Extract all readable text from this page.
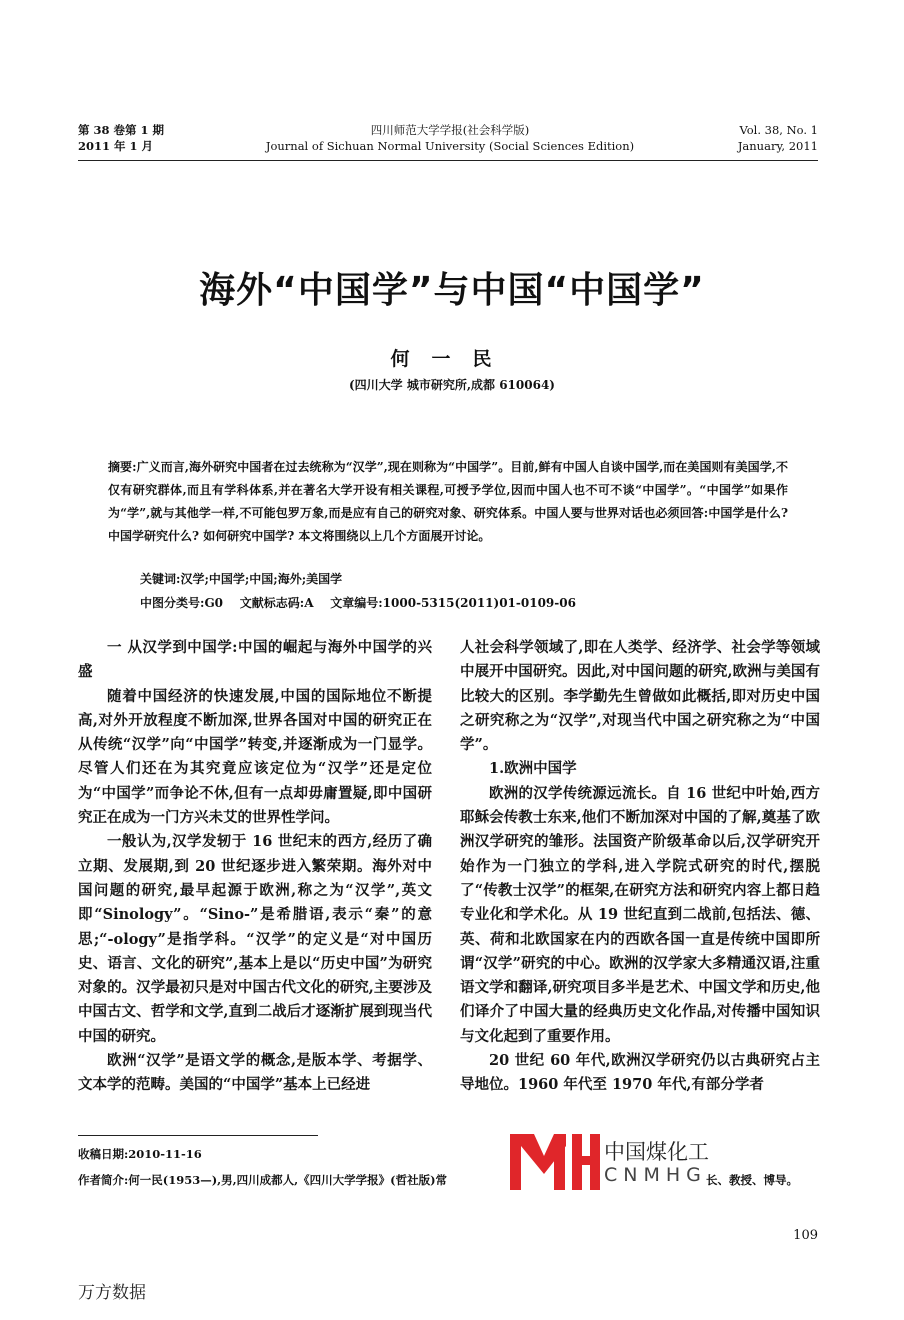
第 38 卷第 1 期
2011 年 1 月
四川师范大学学报(社会科学版)
Journal of Sichuan Normal University (Social Sciences Edition)
Vol. 38, No. 1
January, 2011
海外“中国学”与中国“中国学”
何一民
(四川大学 城市研究所,成都 610064)
摘要:广义而言,海外研究中国者在过去统称为“汉学”,现在则称为“中国学”。目前,鲜有中国人自谈中国学,而在美国则有美国学,不仅有研究群体,而且有学科体系,并在著名大学开设有相关课程,可授予学位,因而中国人也不可不谈“中国学”。“中国学”如果作为“学”,就与其他学一样,不可能包罗万象,而是应有自己的研究对象、研究体系。中国人要与世界对话也必须回答:中国学是什么? 中国学研究什么? 如何研究中国学? 本文将围绕以上几个方面展开讨论。
关键词:汉学;中国学;中国;海外;美国学
中图分类号:G0 文献标志码:A 文章编号:1000-5315(2011)01-0109-06

一 从汉学到中国学:中国的崛起与海外中国学的兴盛

随着中国经济的快速发展,中国的国际地位不断提高,对外开放程度不断加深,世界各国对中国的研究正在从传统“汉学”向“中国学”转变,并逐渐成为一门显学。尽管人们还在为其究竟应该定位为“汉学”还是定位为“中国学”而争论不休,但有一点却毋庸置疑,即中国研究正在成为一门方兴未艾的世界性学问。

一般认为,汉学发轫于 16 世纪末的西方,经历了确立期、发展期,到 20 世纪逐步进入繁荣期。海外对中国问题的研究,最早起源于欧洲,称之为“汉学”,英文即“Sinology”。“Sino-”是希腊语,表示“秦”的意思;“-ology”是指学科。“汉学”的定义是“对中国历史、语言、文化的研究”,基本上是以“历史中国”为研究对象的。汉学最初只是对中国古代文化的研究,主要涉及中国古文、哲学和文学,直到二战后才逐渐扩展到现当代中国的研究。

欧洲“汉学”是语文学的概念,是版本学、考据学、文本学的范畴。美国的“中国学”基本上已经进

人社会科学领域了,即在人类学、经济学、社会学等领域中展开中国研究。因此,对中国问题的研究,欧洲与美国有比较大的区别。李学勤先生曾做如此概括,即对历史中国之研究称之为“汉学”,对现当代中国之研究称之为“中国学”。

1.欧洲中国学

欧洲的汉学传统源远流长。自 16 世纪中叶始,西方耶稣会传教士东来,他们不断加深对中国的了解,奠基了欧洲汉学研究的雏形。法国资产阶级革命以后,汉学研究开始作为一门独立的学科,进入学院式研究的时代,摆脱了“传教士汉学”的框架,在研究方法和研究内容上都日趋专业化和学术化。从 19 世纪直到二战前,包括法、德、英、荷和北欧国家在内的西欧各国一直是传统中国即所谓“汉学”研究的中心。欧洲的汉学家大多精通汉语,注重语文学和翻译,研究项目多半是艺术、中国文学和历史,他们译介了中国大量的经典历史文化作品,对传播中国知识与文化起到了重要作用。

20 世纪 60 年代,欧洲汉学研究仍以古典研究占主导地位。1960 年代至 1970 年代,有部分学者

收稿日期:2010-11-16
作者简介:何一民(1953—),男,四川成都人,《四川大学学报》(哲社版)常	长、教授、博导。
中国煤化工
CNMHG
109
万方数据
